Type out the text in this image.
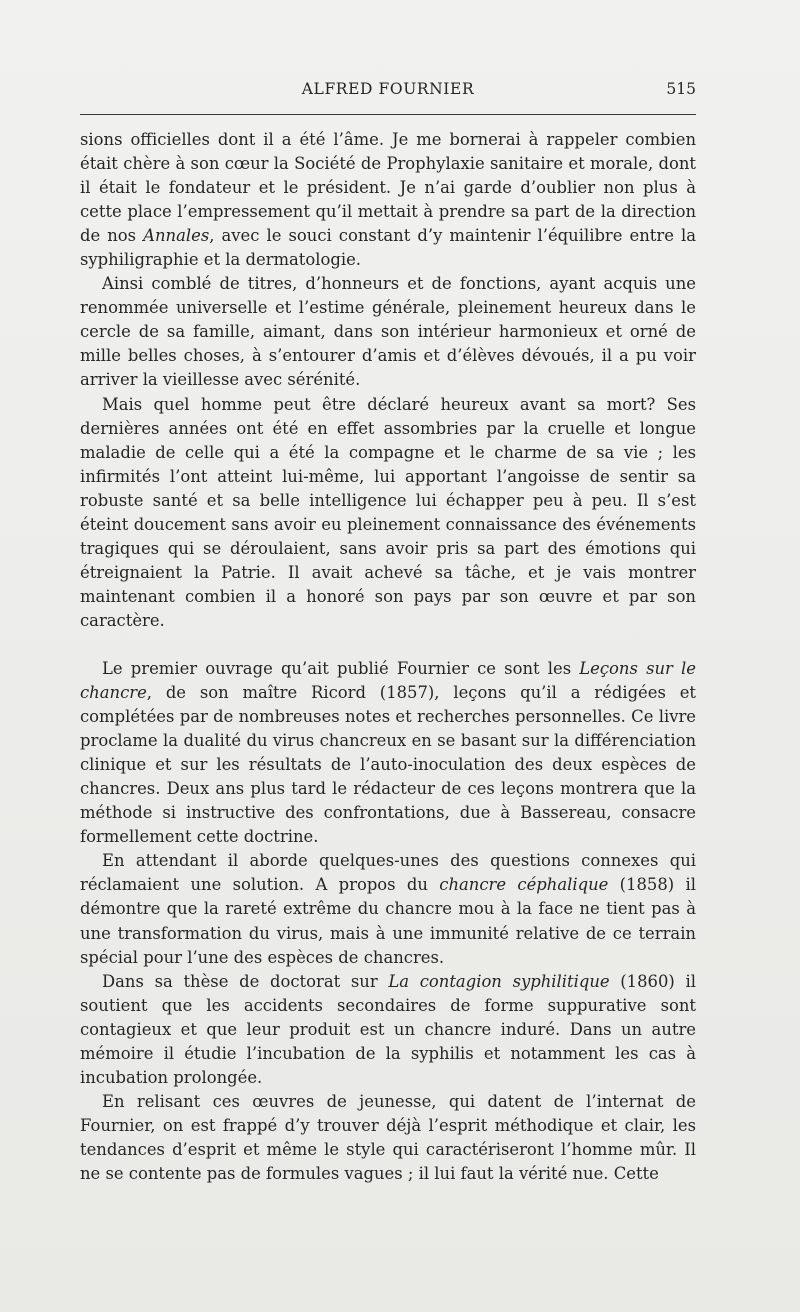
ALFRED FOURNIER	515

sions officielles dont il a été l’âme. Je me bornerai à rappeler combien était chère à son cœur la Société de Prophylaxie sanitaire et morale, dont il était le fondateur et le président. Je n’ai garde d’oublier non plus à cette place l’empressement qu’il mettait à prendre sa part de la direction de nos Annales, avec le souci constant d’y maintenir l’équilibre entre la syphiligraphie et la dermatologie.

Ainsi comblé de titres, d’honneurs et de fonctions, ayant acquis une renommée universelle et l’estime générale, pleinement heureux dans le cercle de sa famille, aimant, dans son intérieur harmonieux et orné de mille belles choses, à s’entourer d’amis et d’élèves dévoués, il a pu voir arriver la vieillesse avec sérénité.

Mais quel homme peut être déclaré heureux avant sa mort? Ses dernières années ont été en effet assombries par la cruelle et longue maladie de celle qui a été la compagne et le charme de sa vie ; les infirmités l’ont atteint lui-même, lui apportant l’angoisse de sentir sa robuste santé et sa belle intelligence lui échapper peu à peu. Il s’est éteint doucement sans avoir eu pleinement connaissance des événements tragiques qui se déroulaient, sans avoir pris sa part des émotions qui étreignaient la Patrie. Il avait achevé sa tâche, et je vais montrer maintenant combien il a honoré son pays par son œuvre et par son caractère.

Le premier ouvrage qu’ait publié Fournier ce sont les Leçons sur le chancre, de son maître Ricord (1857), leçons qu’il a rédigées et complétées par de nombreuses notes et recherches personnelles. Ce livre proclame la dualité du virus chancreux en se basant sur la différenciation clinique et sur les résultats de l’auto-inoculation des deux espèces de chancres. Deux ans plus tard le rédacteur de ces leçons montrera que la méthode si instructive des confrontations, due à Bassereau, consacre formellement cette doctrine.

En attendant il aborde quelques-unes des questions connexes qui réclamaient une solution. A propos du chancre céphalique (1858) il démontre que la rareté extrême du chancre mou à la face ne tient pas à une transformation du virus, mais à une immunité relative de ce terrain spécial pour l’une des espèces de chancres.

Dans sa thèse de doctorat sur La contagion syphilitique (1860) il soutient que les accidents secondaires de forme suppurative sont contagieux et que leur produit est un chancre induré. Dans un autre mémoire il étudie l’incubation de la syphilis et notamment les cas à incubation prolongée.

En relisant ces œuvres de jeunesse, qui datent de l’internat de Fournier, on est frappé d’y trouver déjà l’esprit méthodique et clair, les tendances d’esprit et même le style qui caractériseront l’homme mûr. Il ne se contente pas de formules vagues ; il lui faut la vérité nue. Cette
